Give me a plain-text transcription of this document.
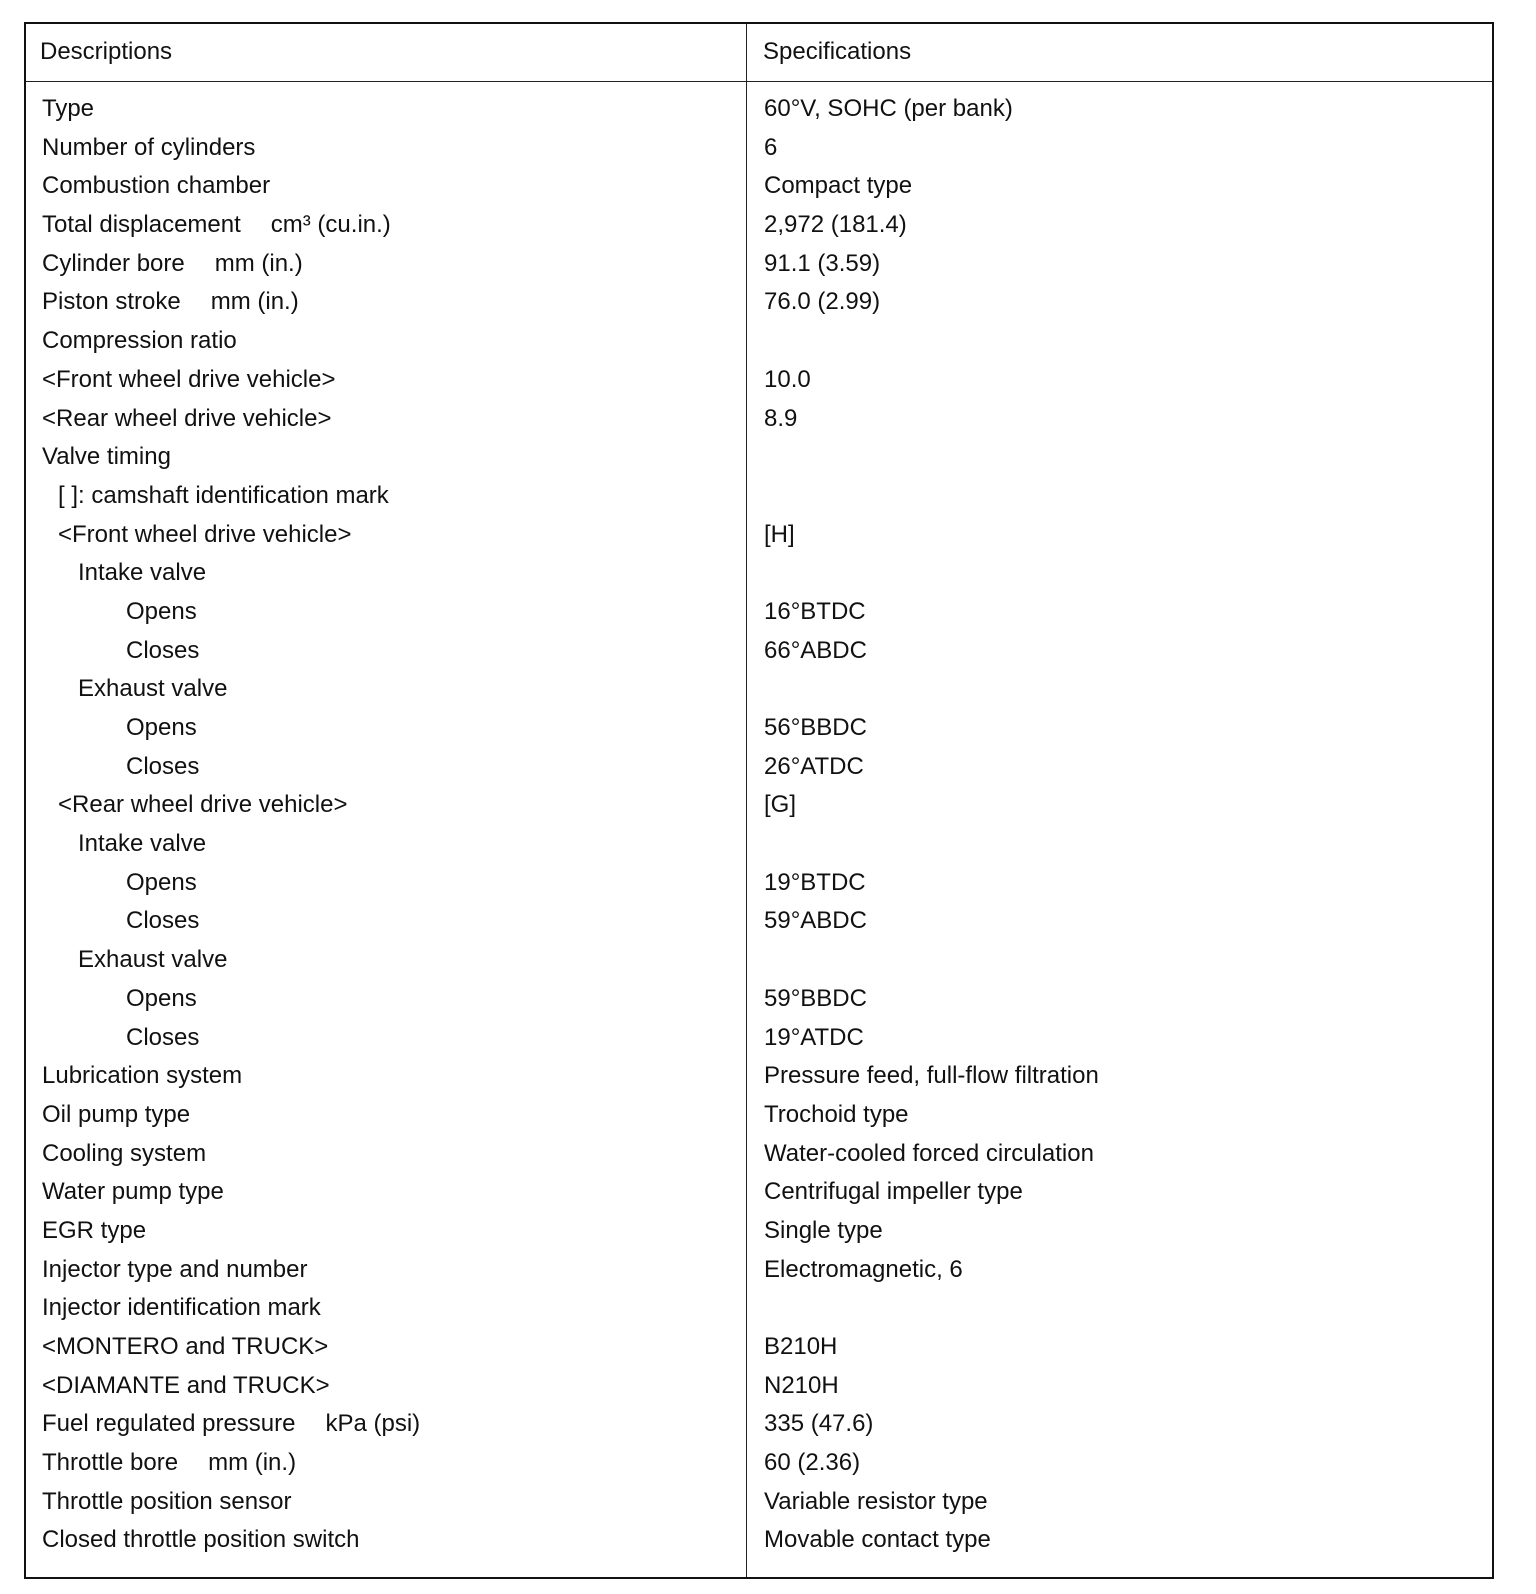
Descriptions	Specifications
Type	60°V, SOHC (per bank)
Number of cylinders	6
Combustion chamber	Compact type
Total displacement cm³ (cu.in.)	2,972 (181.4)
Cylinder bore mm (in.)	91.1 (3.59)
Piston stroke mm (in.)	76.0 (2.99)
Compression ratio
<Front wheel drive vehicle>	10.0
<Rear wheel drive vehicle>	8.9
Valve timing
[ ]: camshaft identification mark
<Front wheel drive vehicle>	[H]
Intake valve
Opens	16°BTDC
Closes	66°ABDC
Exhaust valve
Opens	56°BBDC
Closes	26°ATDC
<Rear wheel drive vehicle>	[G]
Intake valve
Opens	19°BTDC
Closes	59°ABDC
Exhaust valve
Opens	59°BBDC
Closes	19°ATDC
Lubrication system	Pressure feed, full-flow filtration
Oil pump type	Trochoid type
Cooling system	Water-cooled forced circulation
Water pump type	Centrifugal impeller type
EGR type	Single type
Injector type and number	Electromagnetic, 6
Injector identification mark
<MONTERO and TRUCK>	B210H
<DIAMANTE and TRUCK>	N210H
Fuel regulated pressure kPa (psi)	335 (47.6)
Throttle bore mm (in.)	60 (2.36)
Throttle position sensor	Variable resistor type
Closed throttle position switch	Movable contact type
